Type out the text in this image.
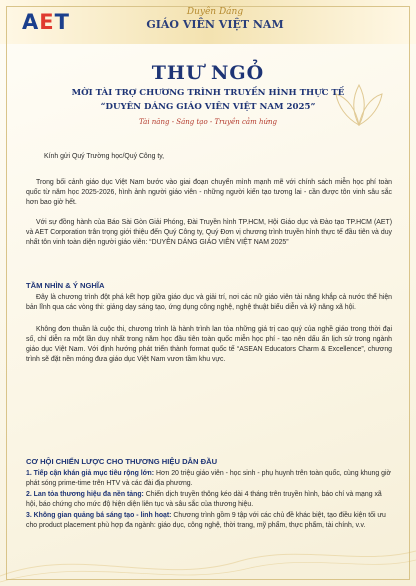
AET	Duyên Dáng
GIÁO VIÊN VIỆT NAM
THƯ NGỎ
MỜI TÀI TRỢ CHƯƠNG TRÌNH TRUYỀN HÌNH THỰC TẾ
“DUYÊN DÁNG GIÁO VIÊN VIỆT NAM 2025”
Tài năng - Sáng tạo - Truyền cảm hứng
Kính gửi Quý Trường học/Quý Công ty,
Trong bối cảnh giáo dục Việt Nam bước vào giai đoạn chuyển mình mạnh mẽ với chính sách miễn học phí toàn quốc từ năm học 2025-2026, hình ảnh người giáo viên - những người kiến tạo tương lai - cần được tôn vinh sâu sắc hơn bao giờ hết.
Với sự đồng hành của Báo Sài Gòn Giải Phóng, Đài Truyền hình TP.HCM, Hội Giáo dục và Đào tạo TP.HCM (AET) và AET Corporation trân trọng giới thiệu đến Quý Công ty, Quý Đơn vị chương trình truyền hình thực tế đầu tiên và duy nhất tôn vinh toàn diện người giáo viên: “DUYÊN DÁNG GIÁO VIÊN VIỆT NAM 2025”
TẦM NHÌN & Ý NGHĨA
Đây là chương trình đột phá kết hợp giữa giáo dục và giải trí, nơi các nữ giáo viên tài năng khắp cả nước thể hiện bản lĩnh qua các vòng thi: giảng dạy sáng tạo, ứng dụng công nghệ, nghệ thuật biểu diễn và kỹ năng xã hội.
Không đơn thuần là cuộc thi, chương trình là hành trình lan tỏa những giá trị cao quý của nghề giáo trong thời đại số, chỉ diễn ra một lần duy nhất trong năm học đầu tiên toàn quốc miễn học phí - tạo nên dấu ấn lịch sử trong ngành giáo dục Việt Nam. Với định hướng phát triển thành format quốc tế “ASEAN Educators Charm & Excellence”, chương trình sẽ đặt nền móng đưa giáo dục Việt Nam vươn tầm khu vực.
CƠ HỘI CHIẾN LƯỢC CHO THƯƠNG HIỆU DẪN ĐẦU
1. Tiếp cận khán giả mục tiêu rộng lớn: Hơn 20 triệu giáo viên - học sinh - phụ huynh trên toàn quốc, cùng khung giờ phát sóng prime-time trên HTV và các đài địa phương.
2. Lan tỏa thương hiệu đa nền tảng: Chiến dịch truyền thông kéo dài 4 tháng trên truyền hình, báo chí và mạng xã hội, báo chứng cho mức độ hiện diện liên tục và sâu sắc của thương hiệu.
3. Không gian quảng bá sáng tạo - linh hoạt: Chương trình gồm 9 tập với các chủ đề khác biệt, tạo điều kiện tối ưu cho product placement phù hợp đa ngành: giáo dục, công nghệ, thời trang, mỹ phẩm, thực phẩm, tài chính, v.v.
